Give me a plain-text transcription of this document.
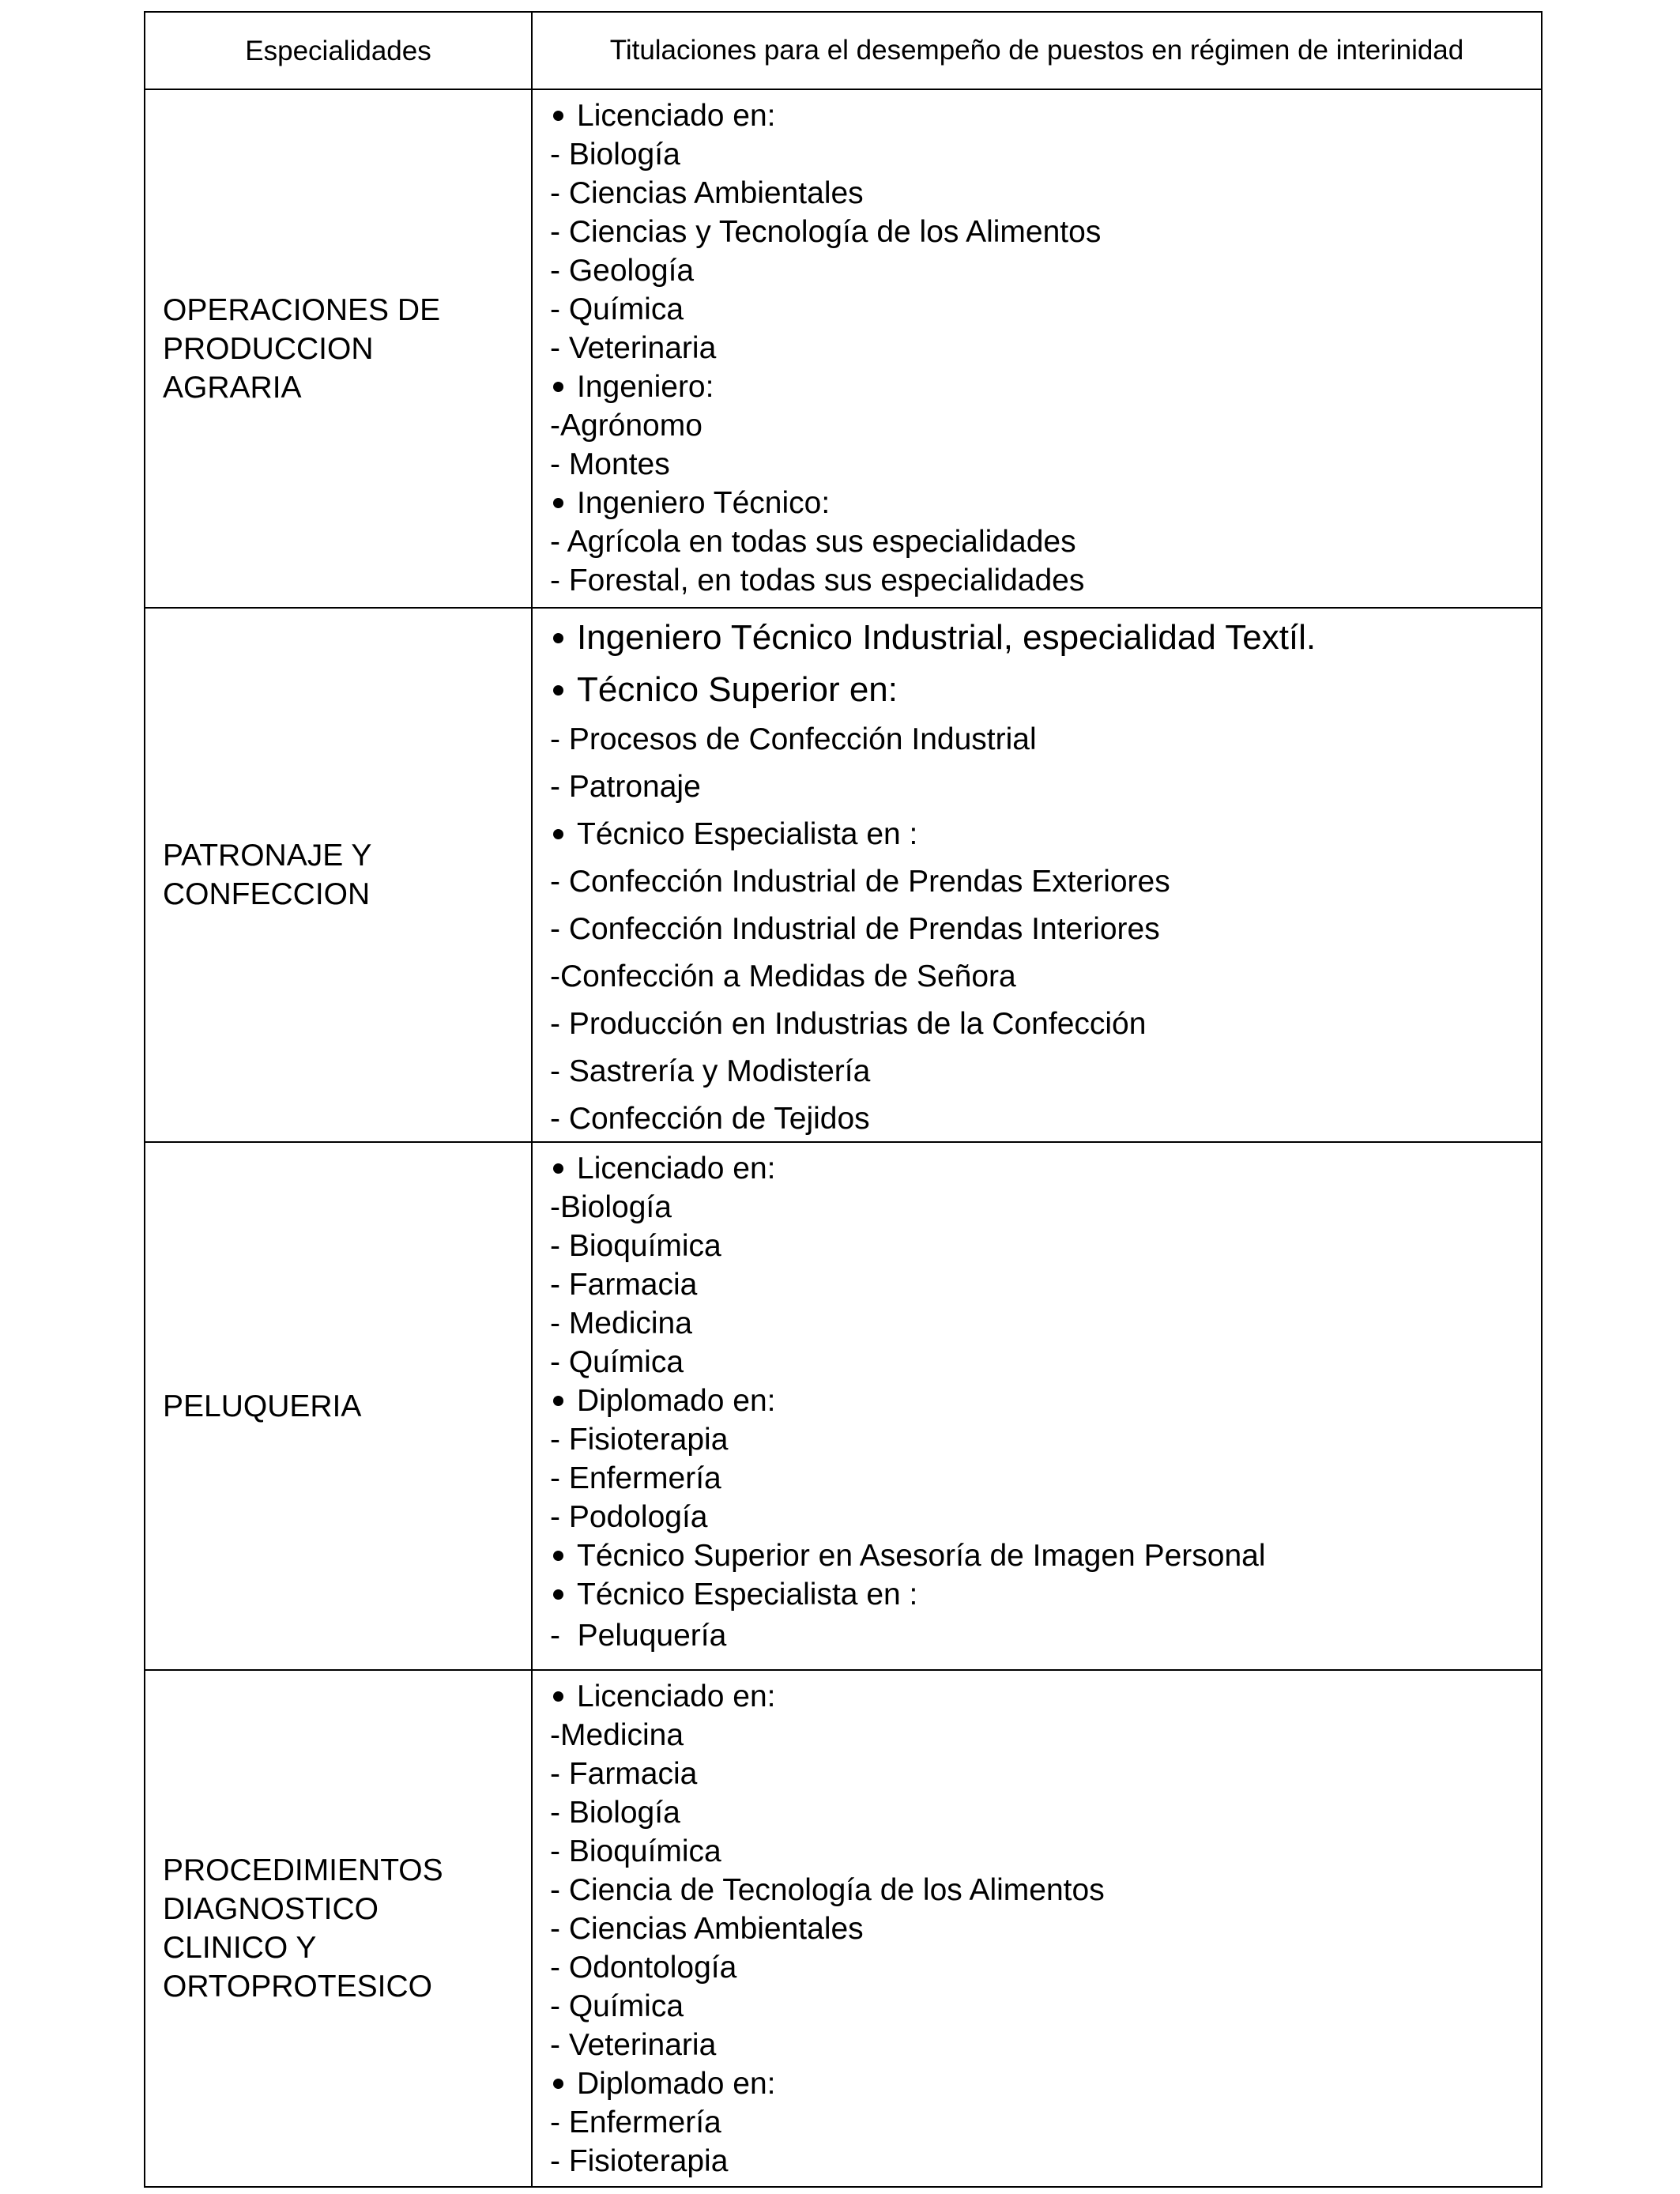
Especialidades	Titulaciones para el desempeño de puestos en régimen de interinidad
OPERACIONES DE
PRODUCCION
AGRARIA
Licenciado en:
- Biología
- Ciencias Ambientales
- Ciencias y Tecnología de los Alimentos
- Geología
- Química
- Veterinaria
Ingeniero:
-Agrónomo
- Montes
Ingeniero Técnico:
- Agrícola en todas sus especialidades
- Forestal, en todas sus especialidades
PATRONAJE Y
CONFECCION
Ingeniero Técnico Industrial, especialidad Textíl.
Técnico Superior en:
- Procesos de Confección Industrial
- Patronaje
Técnico Especialista en :
- Confección Industrial de Prendas Exteriores
- Confección Industrial de Prendas Interiores
-Confección a Medidas de Señora
- Producción en Industrias de la Confección
- Sastrería y Modistería
- Confección de Tejidos
PELUQUERIA
Licenciado en:
-Biología
- Bioquímica
- Farmacia
- Medicina
- Química
Diplomado en:
- Fisioterapia
- Enfermería
- Podología
Técnico Superior en Asesoría de Imagen Personal
Técnico Especialista en :
-  Peluquería
PROCEDIMIENTOS
DIAGNOSTICO
CLINICO Y
ORTOPROTESICO
Licenciado en:
-Medicina
- Farmacia
- Biología
- Bioquímica
- Ciencia de Tecnología de los Alimentos
- Ciencias Ambientales
- Odontología
- Química
- Veterinaria
Diplomado en:
- Enfermería
- Fisioterapia
